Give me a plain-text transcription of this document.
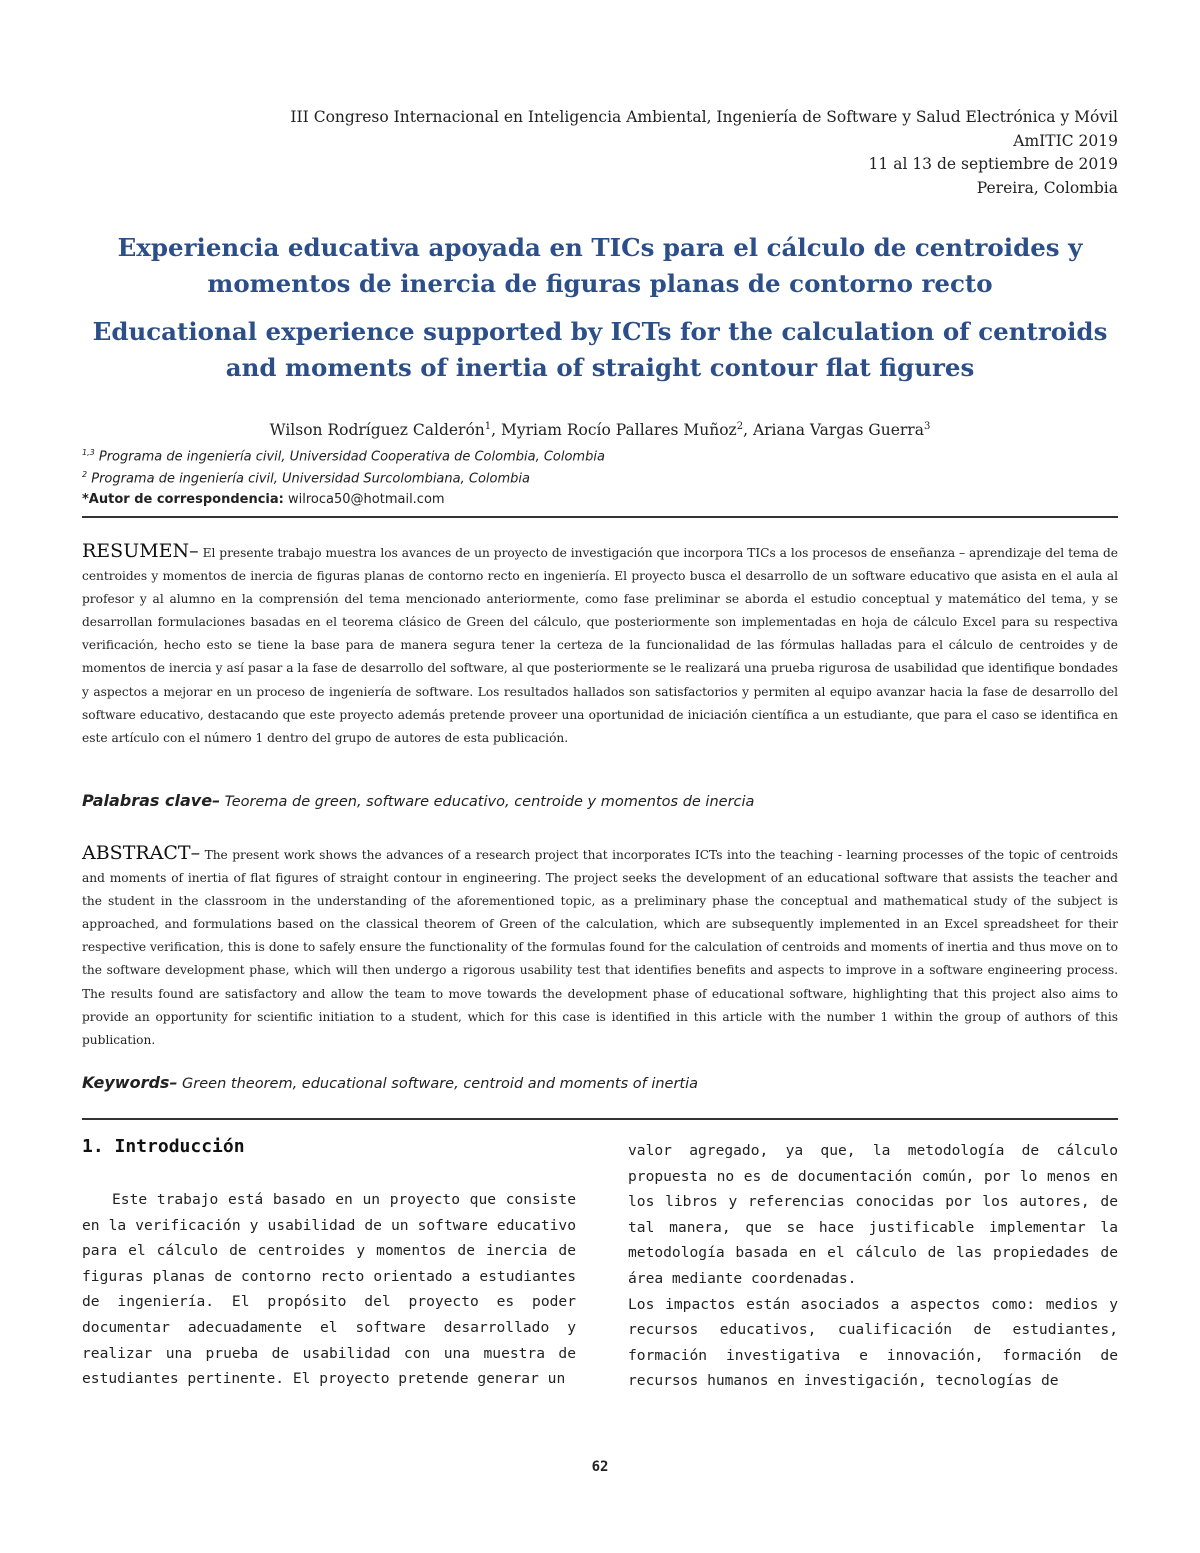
III Congreso Internacional en Inteligencia Ambiental, Ingeniería de Software y Salud Electrónica y Móvil
AmITIC 2019
11 al 13 de septiembre de 2019
Pereira, Colombia
Experiencia educativa apoyada en TICs para el cálculo de centroides y
momentos de inercia de figuras planas de contorno recto
Educational experience supported by ICTs for the calculation of centroids
and moments of inertia of straight contour flat figures
Wilson Rodríguez Calderón$^1$, Myriam Rocío Pallares Muñoz$^2$, Ariana Vargas Guerra$^3$
$^{1,3}$ Programa de ingeniería civil, Universidad Cooperativa de Colombia, Colombia
$^2$ Programa de ingeniería civil, Universidad Surcolombiana, Colombia
*Autor de correspondencia: wilroca50@hotmail.com
RESUMEN– El presente trabajo muestra los avances de un proyecto de investigación que incorpora TICs a los procesos de enseñanza – aprendizaje del tema de centroides y momentos de inercia de figuras planas de contorno recto en ingeniería. El proyecto busca el desarrollo de un software educativo que asista en el aula al profesor y al alumno en la comprensión del tema mencionado anteriormente, como fase preliminar se aborda el estudio conceptual y matemático del tema, y se desarrollan formulaciones basadas en el teorema clásico de Green del cálculo, que posteriormente son implementadas en hoja de cálculo Excel para su respectiva verificación, hecho esto se tiene la base para de manera segura tener la certeza de la funcionalidad de las fórmulas halladas para el cálculo de centroides y de momentos de inercia y así pasar a la fase de desarrollo del software, al que posteriormente se le realizará una prueba rigurosa de usabilidad que identifique bondades y aspectos a mejorar en un proceso de ingeniería de software. Los resultados hallados son satisfactorios y permiten al equipo avanzar hacia la fase de desarrollo del software educativo, destacando que este proyecto además pretende proveer una oportunidad de iniciación científica a un estudiante, que para el caso se identifica en este artículo con el número 1 dentro del grupo de autores de esta publicación.
Palabras clave– Teorema de green, software educativo, centroide y momentos de inercia
ABSTRACT– The present work shows the advances of a research project that incorporates ICTs into the teaching - learning processes of the topic of centroids and moments of inertia of flat figures of straight contour in engineering. The project seeks the development of an educational software that assists the teacher and the student in the classroom in the understanding of the aforementioned topic, as a preliminary phase the conceptual and mathematical study of the subject is approached, and formulations based on the classical theorem of Green of the calculation, which are subsequently implemented in an Excel spreadsheet for their respective verification, this is done to safely ensure the functionality of the formulas found for the calculation of centroids and moments of inertia and thus move on to the software development phase, which will then undergo a rigorous usability test that identifies benefits and aspects to improve in a software engineering process. The results found are satisfactory and allow the team to move towards the development phase of educational software, highlighting that this project also aims to provide an opportunity for scientific initiation to a student, which for this case is identified in this article with the number 1 within the group of authors of this publication.
Keywords– Green theorem, educational software, centroid and moments of inertia
1. Introducción

Este trabajo está basado en un proyecto que consiste en la verificación y usabilidad de un software educativo para el cálculo de centroides y momentos de inercia de figuras planas de contorno recto orientado a estudiantes de ingeniería. El propósito del proyecto es poder documentar adecuadamente el software desarrollado y realizar una prueba de usabilidad con una muestra de estudiantes pertinente. El proyecto pretende generar un

valor agregado, ya que, la metodología de cálculo propuesta no es de documentación común, por lo menos en los libros y referencias conocidas por los autores, de tal manera, que se hace justificable implementar la metodología basada en el cálculo de las propiedades de área mediante coordenadas.

Los impactos están asociados a aspectos como: medios y recursos educativos, cualificación de estudiantes, formación investigativa e innovación, formación de recursos humanos en investigación, tecnologías de

62
